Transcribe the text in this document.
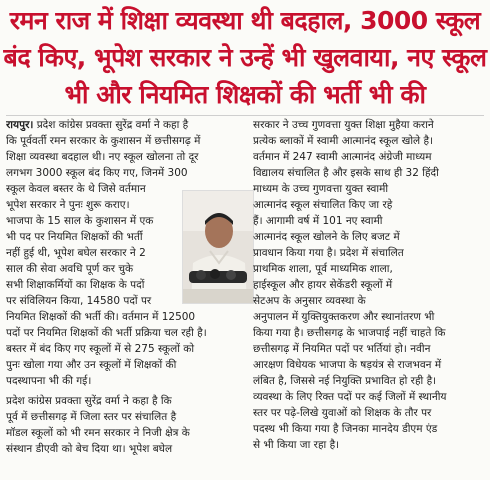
रमन राज में शिक्षा व्यवस्था थी बदहाल, 3000 स्कूल
बंद किए, भूपेश सरकार ने उन्हें भी खुलवाया, नए स्कूल
भी और नियमित शिक्षकों की भर्ती भी की

रायपुर। प्रदेश कांग्रेस प्रवक्ता सुरेंद्र वर्मा ने कहा है

कि पूर्ववर्ती रमन सरकार के कुशासन में छत्तीसगढ़ में

शिक्षा व्यवस्था बदहाल थी। नए स्कूल खोलना तो दूर

लगभग 3000 स्कूल बंद किए गए, जिनमें 300

स्कूल केवल बस्तर के थे जिसे वर्तमान

भूपेश सरकार ने पुनः शुरू कराए।

भाजपा के 15 साल के कुशासन में एक

भी पद पर नियमित शिक्षकों की भर्ती

नहीं हुई थी, भूपेश बघेल सरकार ने 2

साल की सेवा अवधि पूर्ण कर चुके

सभी शिक्षाकर्मियों का शिक्षक के पदों

पर संविलियन किया, 14580 पदों पर

नियमित शिक्षकों की भर्ती की। वर्तमान में 12500

पदों पर नियमित शिक्षकों की भर्ती प्रक्रिया चल रही है।

बस्तर में बंद किए गए स्कूलों में से 275 स्कूलों को

पुनः खोला गया और उन स्कूलों में शिक्षकों की

पदस्थापना भी की गई।

प्रदेश कांग्रेस प्रवक्ता सुरेंद्र वर्मा ने कहा है कि

पूर्व में छत्तीसगढ़ में जिला स्तर पर संचालित है

मॉडल स्कूलों को भी रमन सरकार ने निजी क्षेत्र के

संस्थान डीएवी को बेच दिया था। भूपेश बघेल

सरकार ने उच्च गुणवत्ता युक्त शिक्षा मुहैया कराने

प्रत्येक ब्लाकों में स्वामी आत्मानंद स्कूल खोले है।

वर्तमान में 247 स्वामी आत्मानंद अंग्रेजी माध्यम

विद्यालय संचालित है और इसके साथ ही 32 हिंदी

माध्यम के उच्च गुणवत्ता युक्त स्वामी

आत्मानंद स्कूल संचालित किए जा रहे

हैं। आगामी वर्ष में 101 नए स्वामी

आत्मानंद स्कूल खोलने के लिए बजट में

प्रावधान किया गया है। प्रदेश में संचालित

प्राथमिक शाला, पूर्व माध्यमिक शाला,

हाईस्कूल और हायर सेकेंडरी स्कूलों में

सेटअप के अनुसार व्यवस्था के

अनुपालन में युक्तियुक्तकरण और स्थानांतरण भी

किया गया है। छत्तीसगढ़ के भाजपाई नहीं चाहते कि

छत्तीसगढ़ में नियमित पदों पर भर्तियां हो। नवीन

आरक्षण विधेयक भाजपा के षड़यंत्र से राजभवन में

लंबित है, जिससे नई नियुक्ति प्रभावित हो रही है।

व्यवस्था के लिए रिक्त पदों पर कई जिलों में स्थानीय

स्तर पर पढ़े-लिखे युवाओं को शिक्षक के तौर पर

पदस्थ भी किया गया है जिनका मानदेय डीएम एंड

से भी किया जा रहा है।
